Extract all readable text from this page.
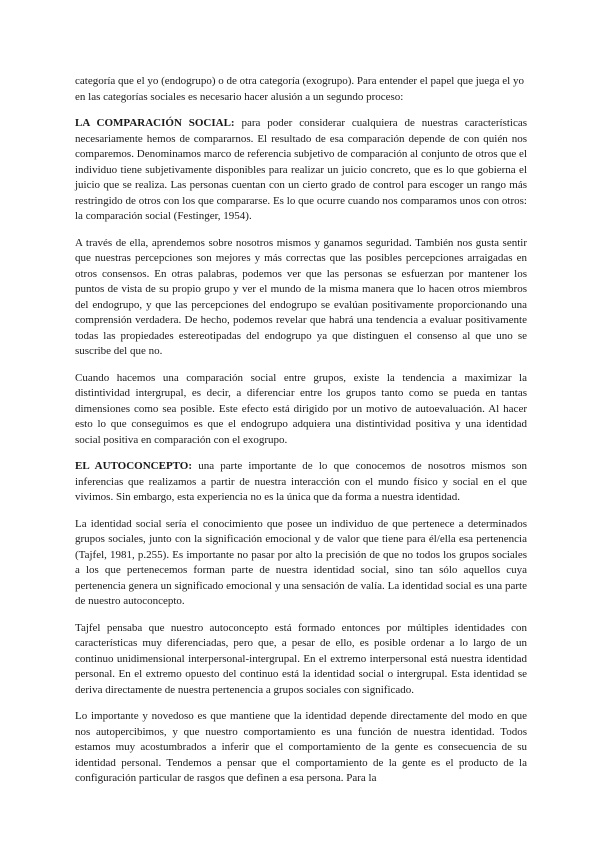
categoría que el yo (endogrupo) o de otra categoría (exogrupo). Para entender el papel que juega el yo en las categorías sociales es necesario hacer alusión a un segundo proceso:

LA COMPARACIÓN SOCIAL: para poder considerar cualquiera de nuestras características necesariamente hemos de compararnos. El resultado de esa comparación depende de con quién nos comparemos. Denominamos marco de referencia subjetivo de comparación al conjunto de otros que el individuo tiene subjetivamente disponibles para realizar un juicio concreto, que es lo que gobierna el juicio que se realiza. Las personas cuentan con un cierto grado de control para escoger un rango más restringido de otros con los que compararse. Es lo que ocurre cuando nos comparamos unos con otros: la comparación social (Festinger, 1954).

A través de ella, aprendemos sobre nosotros mismos y ganamos seguridad. También nos gusta sentir que nuestras percepciones son mejores y más correctas que las posibles percepciones arraigadas en otros consensos. En otras palabras, podemos ver que las personas se esfuerzan por mantener los puntos de vista de su propio grupo y ver el mundo de la misma manera que lo hacen otros miembros del endogrupo, y que las percepciones del endogrupo se evalúan positivamente proporcionando una comprensión verdadera. De hecho, podemos revelar que habrá una tendencia a evaluar positivamente todas las propiedades estereotipadas del endogrupo ya que distinguen el consenso al que uno se suscribe del que no.

Cuando hacemos una comparación social entre grupos, existe la tendencia a maximizar la distintividad intergrupal, es decir, a diferenciar entre los grupos tanto como se pueda en tantas dimensiones como sea posible. Este efecto está dirigido por un motivo de autoevaluación. Al hacer esto lo que conseguimos es que el endogrupo adquiera una distintividad positiva y una identidad social positiva en comparación con el exogrupo.

EL AUTOCONCEPTO: una parte importante de lo que conocemos de nosotros mismos son inferencias que realizamos a partir de nuestra interacción con el mundo físico y social en el que vivimos. Sin embargo, esta experiencia no es la única que da forma a nuestra identidad.

La identidad social sería el conocimiento que posee un individuo de que pertenece a determinados grupos sociales, junto con la significación emocional y de valor que tiene para él/ella esa pertenencia (Tajfel, 1981, p.255). Es importante no pasar por alto la precisión de que no todos los grupos sociales a los que pertenecemos forman parte de nuestra identidad social, sino tan sólo aquellos cuya pertenencia genera un significado emocional y una sensación de valía. La identidad social es una parte de nuestro autoconcepto.

Tajfel pensaba que nuestro autoconcepto está formado entonces por múltiples identidades con características muy diferenciadas, pero que, a pesar de ello, es posible ordenar a lo largo de un continuo unidimensional interpersonal-intergrupal. En el extremo interpersonal está nuestra identidad personal. En el extremo opuesto del continuo está la identidad social o intergrupal. Esta identidad se deriva directamente de nuestra pertenencia a grupos sociales con significado.

Lo importante y novedoso es que mantiene que la identidad depende directamente del modo en que nos autopercibimos, y que nuestro comportamiento es una función de nuestra identidad. Todos estamos muy acostumbrados a inferir que el comportamiento de la gente es consecuencia de su identidad personal. Tendemos a pensar que el comportamiento de la gente es el producto de la configuración particular de rasgos que definen a esa persona. Para la
